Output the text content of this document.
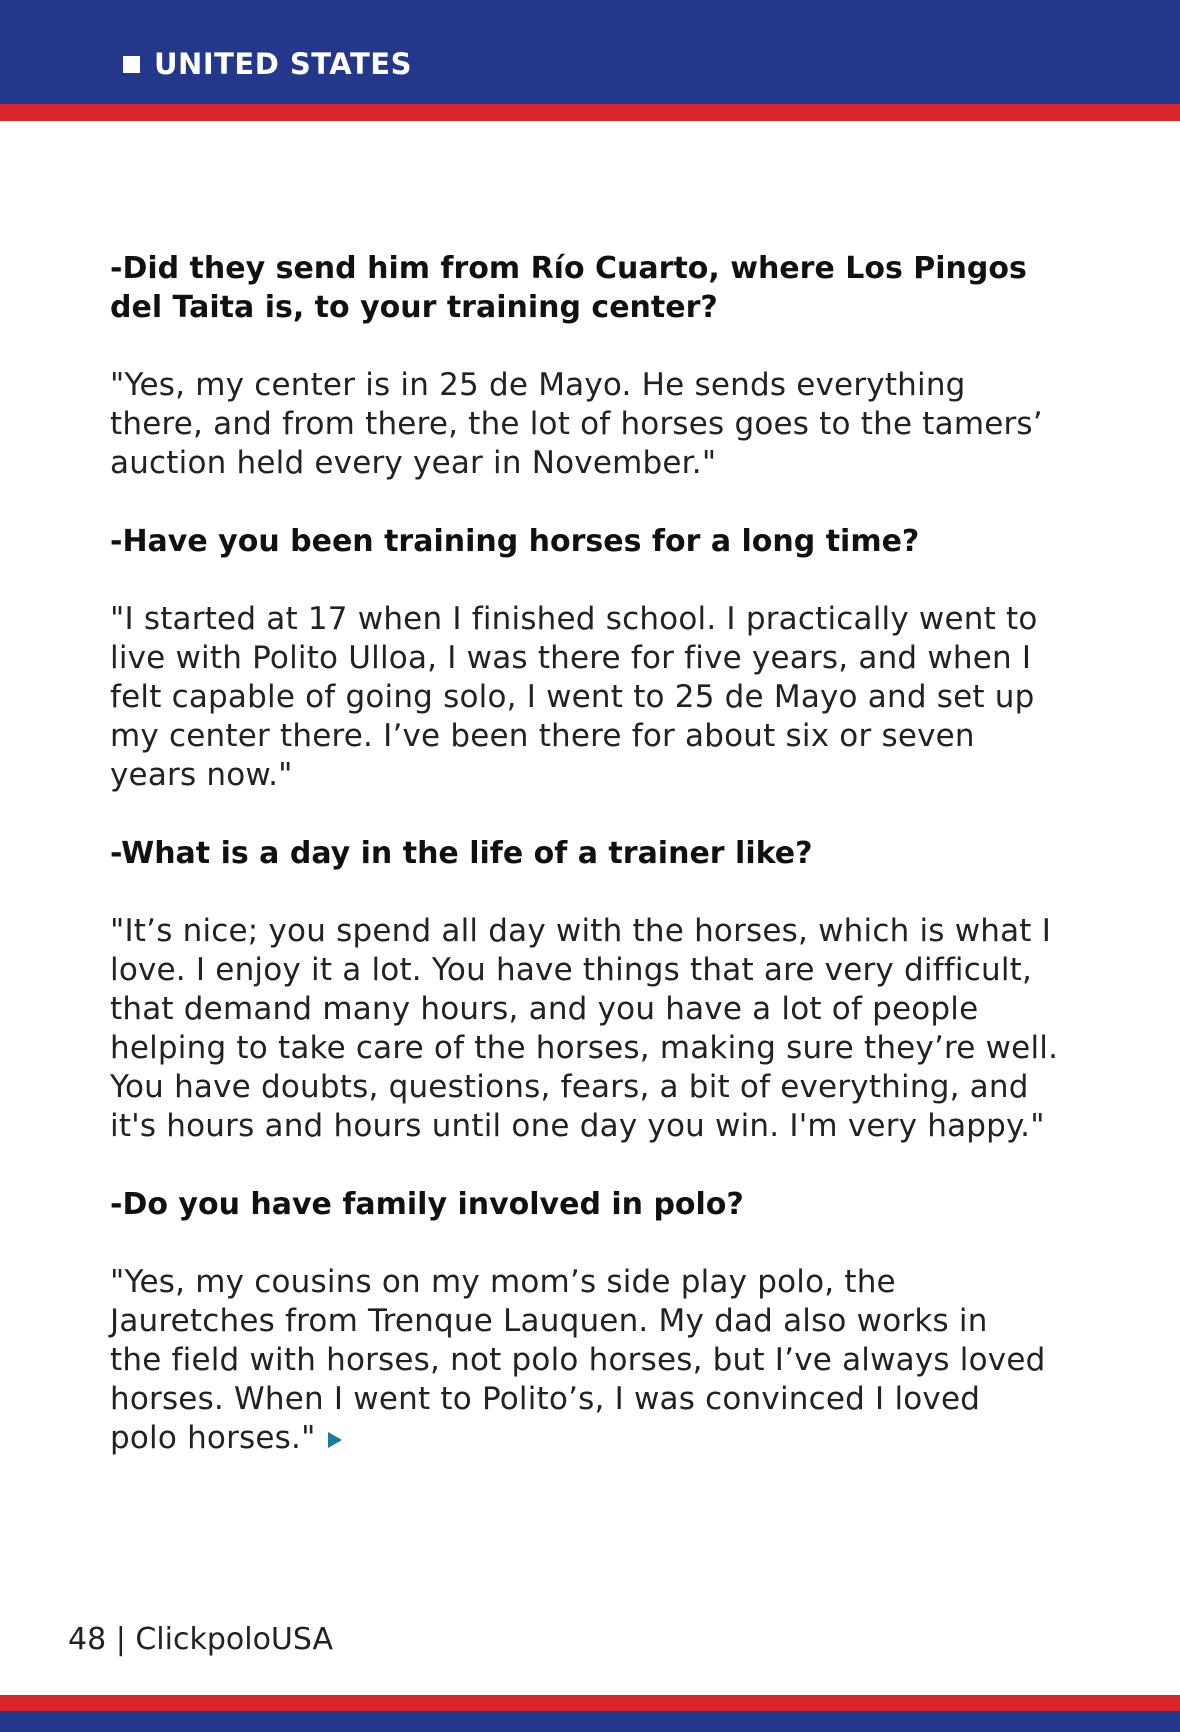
UNITED STATES
-Did they send him from Río Cuarto, where Los Pingos
del Taita is, to your training center?
"Yes, my center is in 25 de Mayo. He sends everything
there, and from there, the lot of horses goes to the tamers’
auction held every year in November."
-Have you been training horses for a long time?
"I started at 17 when I finished school. I practically went to
live with Polito Ulloa, I was there for five years, and when I
felt capable of going solo, I went to 25 de Mayo and set up
my center there. I’ve been there for about six or seven
years now."
-What is a day in the life of a trainer like?
"It’s nice; you spend all day with the horses, which is what I
love. I enjoy it a lot. You have things that are very difficult,
that demand many hours, and you have a lot of people
helping to take care of the horses, making sure they’re well.
You have doubts, questions, fears, a bit of everything, and
it's hours and hours until one day you win. I'm very happy."
-Do you have family involved in polo?
"Yes, my cousins on my mom’s side play polo, the
Jauretches from Trenque Lauquen. My dad also works in
the field with horses, not polo horses, but I’ve always loved
horses. When I went to Polito’s, I was convinced I loved
polo horses."
48 | ClickpoloUSA
